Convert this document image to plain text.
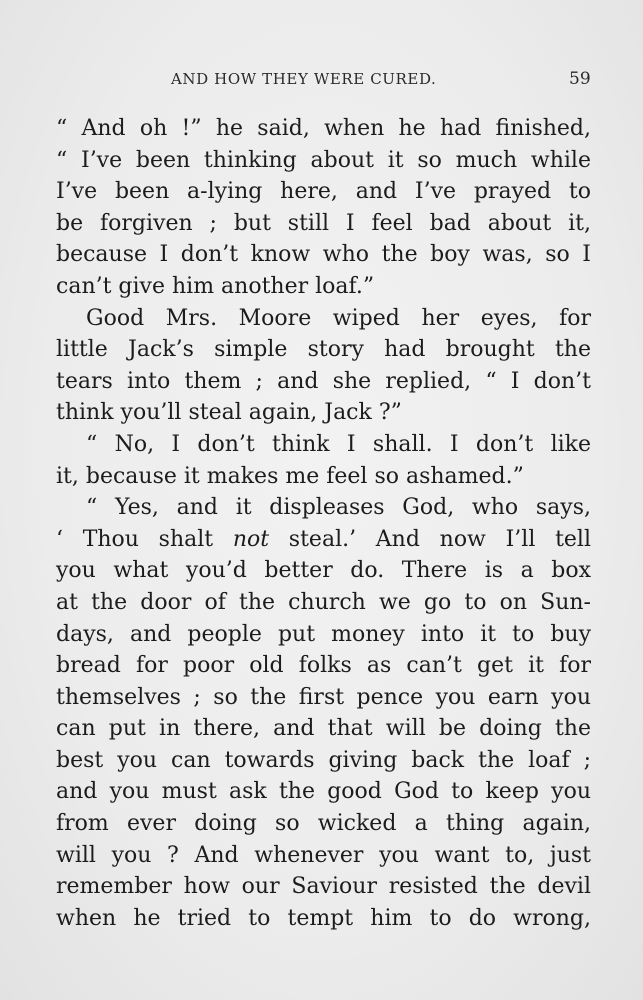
AND HOW THEY WERE CURED.	59
“ And oh !” he said, when he had finished,
“ I’ve been thinking about it so much while
I’ve been a-lying here, and I’ve prayed to
be forgiven ; but still I feel bad about it,
because I don’t know who the boy was, so I
can’t give him another loaf.”
Good Mrs. Moore wiped her eyes, for
little Jack’s simple story had brought the
tears into them ; and she replied, “ I don’t
think you’ll steal again, Jack ?”
“ No, I don’t think I shall. I don’t like
it, because it makes me feel so ashamed.”
“ Yes, and it displeases God, who says,
‘ Thou shalt not steal.’ And now I’ll tell
you what you’d better do. There is a box
at the door of the church we go to on Sun-
days, and people put money into it to buy
bread for poor old folks as can’t get it for
themselves ; so the first pence you earn you
can put in there, and that will be doing the
best you can towards giving back the loaf ;
and you must ask the good God to keep you
from ever doing so wicked a thing again,
will you ? And whenever you want to, just
remember how our Saviour resisted the devil
when he tried to tempt him to do wrong,
